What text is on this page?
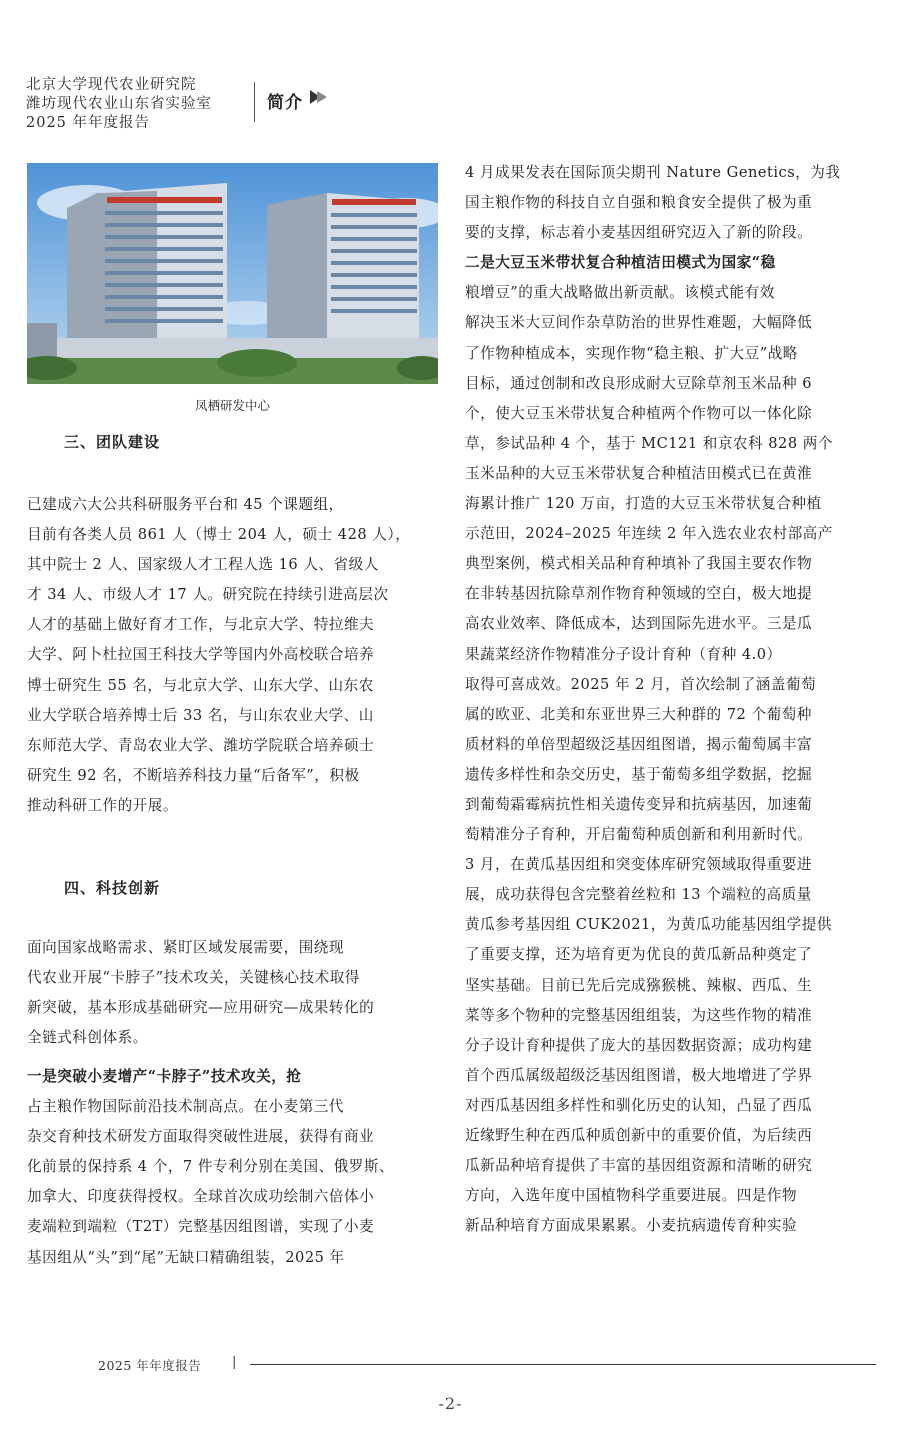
北京大学现代农业研究院
潍坊现代农业山东省实验室
2025 年年度报告
简介
凤栖研发中心
三、团队建设
已建成六大公共科研服务平台和 45 个课题组，
目前有各类人员 861 人（博士 204 人，硕士 428 人），
其中院士 2 人、国家级人才工程人选 16 人、省级人
才 34 人、市级人才 17 人。研究院在持续引进高层次
人才的基础上做好育才工作，与北京大学、特拉维夫
大学、阿卜杜拉国王科技大学等国内外高校联合培养
博士研究生 55 名，与北京大学、山东大学、山东农
业大学联合培养博士后 33 名，与山东农业大学、山
东师范大学、青岛农业大学、潍坊学院联合培养硕士
研究生 92 名，不断培养科技力量“后备军”，积极
推动科研工作的开展。
四、科技创新
面向国家战略需求、紧盯区域发展需要，围绕现
代农业开展“卡脖子”技术攻关，关键核心技术取得
新突破，基本形成基础研究—应用研究—成果转化的
全链式科创体系。
一是突破小麦增产“卡脖子”技术攻关，抢
占主粮作物国际前沿技术制高点。在小麦第三代
杂交育种技术研发方面取得突破性进展，获得有商业
化前景的保持系 4 个，7 件专利分别在美国、俄罗斯、
加拿大、印度获得授权。全球首次成功绘制六倍体小
麦端粒到端粒（T2T）完整基因组图谱，实现了小麦
基因组从“头”到“尾”无缺口精确组装，2025 年
4 月成果发表在国际顶尖期刊 Nature Genetics，为我
国主粮作物的科技自立自强和粮食安全提供了极为重
要的支撑，标志着小麦基因组研究迈入了新的阶段。
二是大豆玉米带状复合种植洁田模式为国家“稳
粮增豆”的重大战略做出新贡献。该模式能有效
解决玉米大豆间作杂草防治的世界性难题，大幅降低
了作物种植成本，实现作物“稳主粮、扩大豆”战略
目标，通过创制和改良形成耐大豆除草剂玉米品种 6
个，使大豆玉米带状复合种植两个作物可以一体化除
草，参试品种 4 个，基于 MC121 和京农科 828 两个
玉米品种的大豆玉米带状复合种植洁田模式已在黄淮
海累计推广 120 万亩，打造的大豆玉米带状复合种植
示范田，2024–2025 年连续 2 年入选农业农村部高产
典型案例，模式相关品种育种填补了我国主要农作物
在非转基因抗除草剂作物育种领域的空白，极大地提
高农业效率、降低成本，达到国际先进水平。三是瓜
果蔬菜经济作物精准分子设计育种（育种 4.0）
取得可喜成效。2025 年 2 月，首次绘制了涵盖葡萄
属的欧亚、北美和东亚世界三大种群的 72 个葡萄种
质材料的单倍型超级泛基因组图谱，揭示葡萄属丰富
遗传多样性和杂交历史，基于葡萄多组学数据，挖掘
到葡萄霜霉病抗性相关遗传变异和抗病基因，加速葡
萄精准分子育种，开启葡萄种质创新和利用新时代。
3 月，在黄瓜基因组和突变体库研究领域取得重要进
展，成功获得包含完整着丝粒和 13 个端粒的高质量
黄瓜参考基因组 CUK2021，为黄瓜功能基因组学提供
了重要支撑，还为培育更为优良的黄瓜新品种奠定了
坚实基础。目前已先后完成猕猴桃、辣椒、西瓜、生
菜等多个物种的完整基因组组装，为这些作物的精准
分子设计育种提供了庞大的基因数据资源；成功构建
首个西瓜属级超级泛基因组图谱，极大地增进了学界
对西瓜基因组多样性和驯化历史的认知，凸显了西瓜
近缘野生种在西瓜种质创新中的重要价值，为后续西
瓜新品种培育提供了丰富的基因组资源和清晰的研究
方向，入选年度中国植物科学重要进展。四是作物
新品种培育方面成果累累。小麦抗病遗传育种实验
2025 年年度报告 |
-2-
